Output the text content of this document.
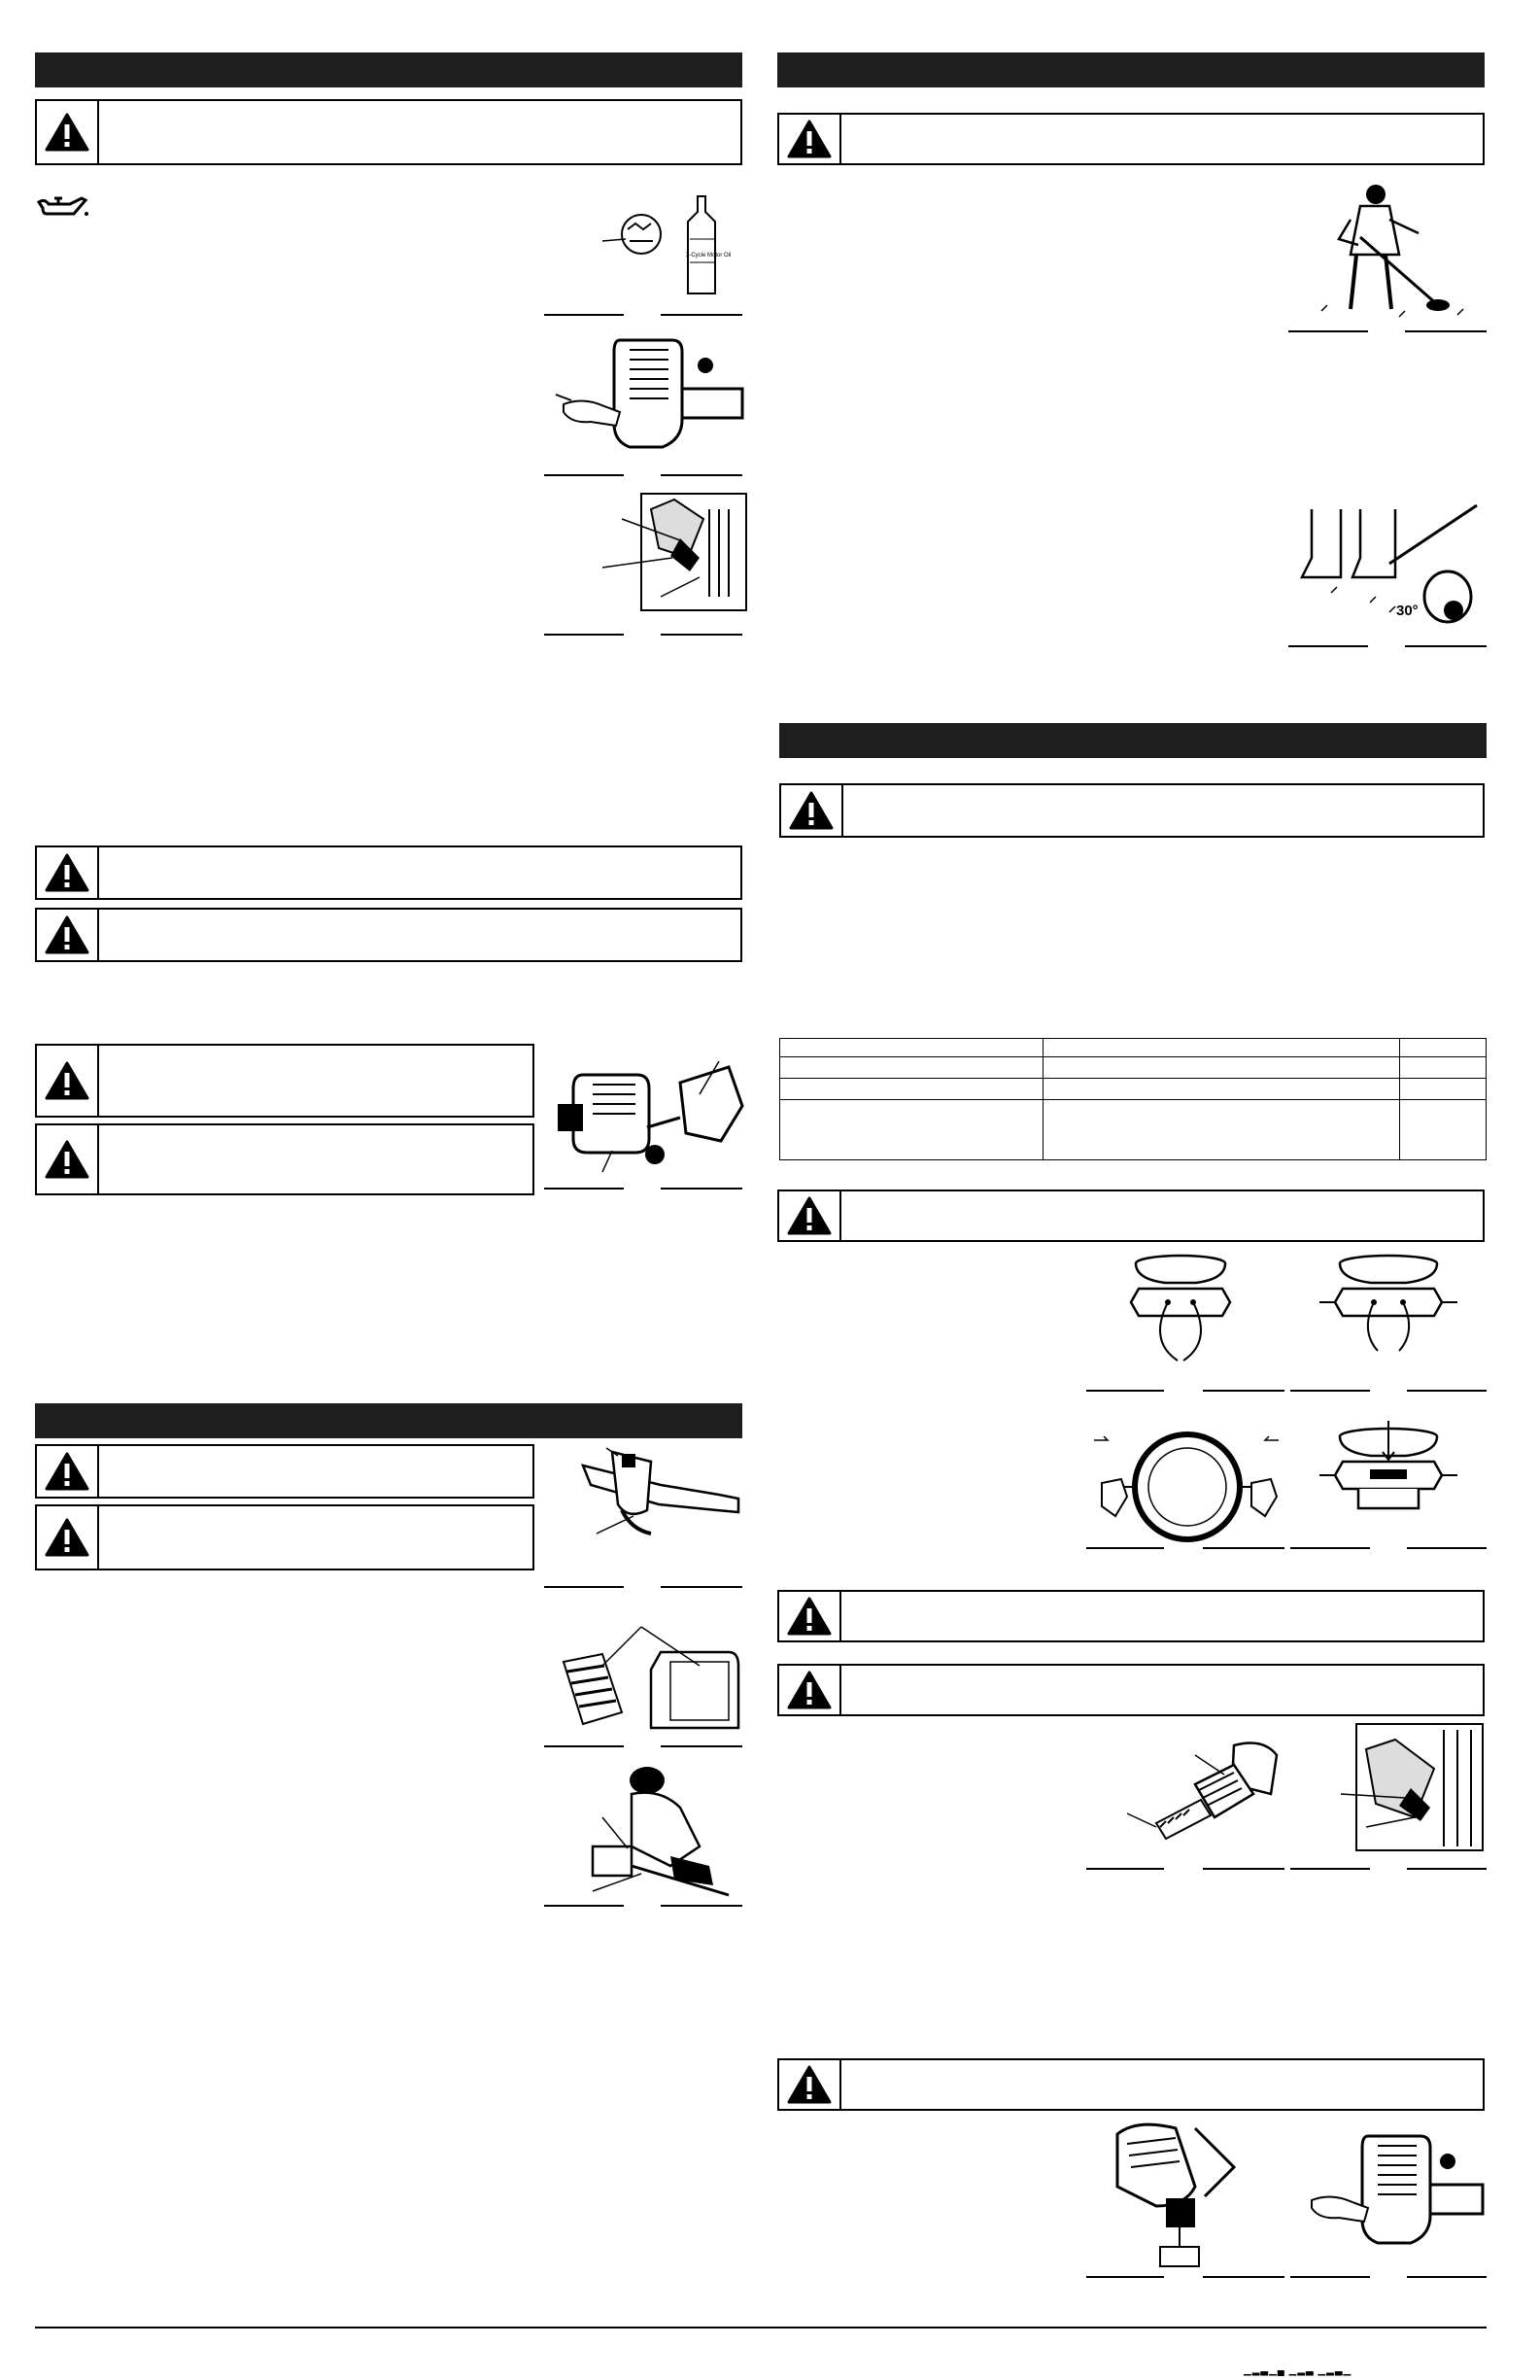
2-Cycle Motor Oil
30°

▁▂▃▁▄ ▁▂▃ ▁▂▃▁
